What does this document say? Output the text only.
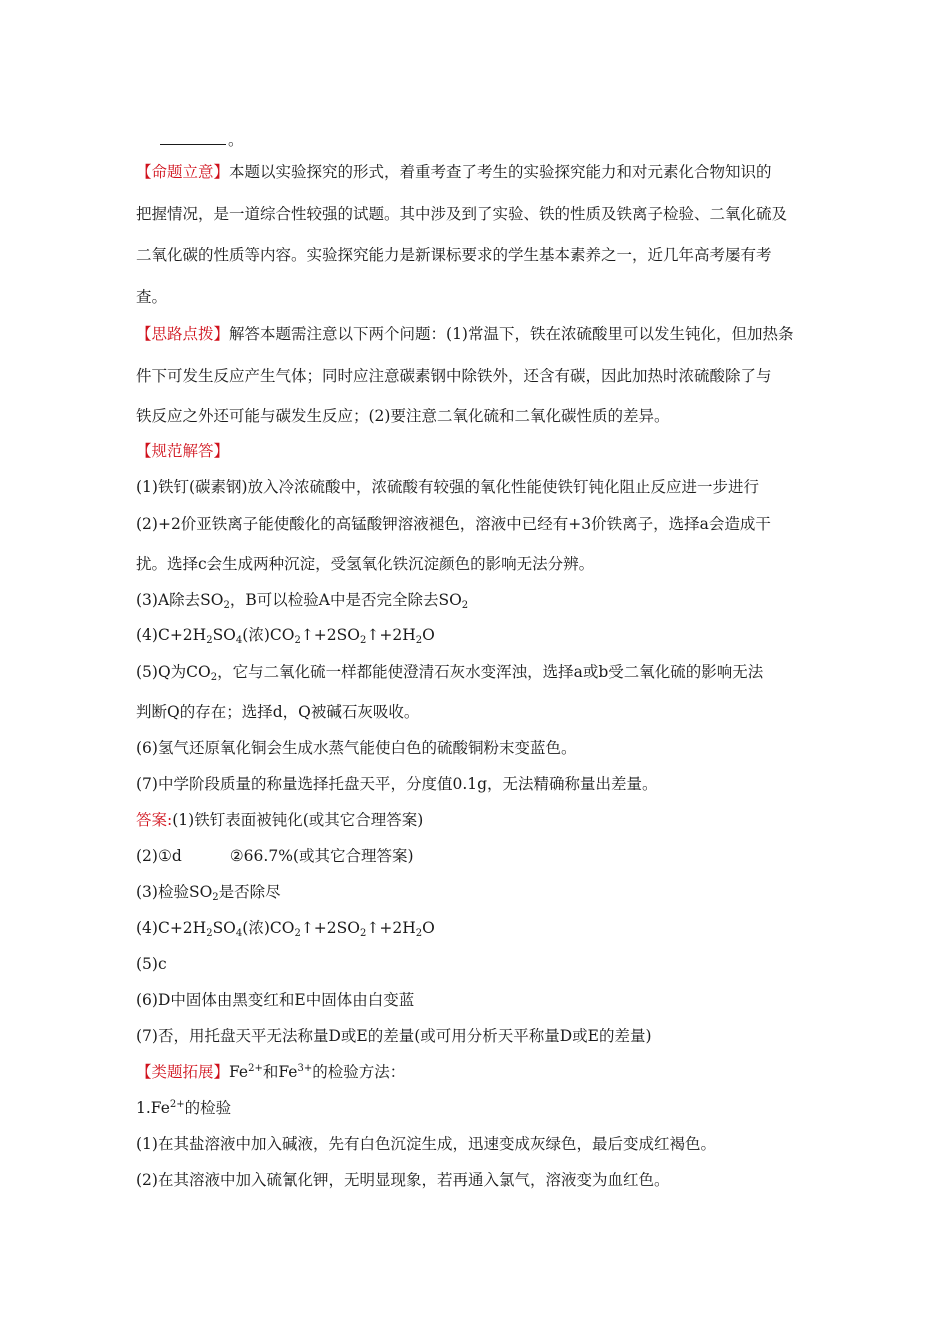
。
【命题立意】本题以实验探究的形式，着重考查了考生的实验探究能力和对元素化合物知识的
把握情况，是一道综合性较强的试题。其中涉及到了实验、铁的性质及铁离子检验、二氧化硫及
二氧化碳的性质等内容。实验探究能力是新课标要求的学生基本素养之一，近几年高考屡有考
查。
【思路点拨】解答本题需注意以下两个问题：(1)常温下，铁在浓硫酸里可以发生钝化，但加热条
件下可发生反应产生气体；同时应注意碳素钢中除铁外，还含有碳，因此加热时浓硫酸除了与
铁反应之外还可能与碳发生反应；(2)要注意二氧化硫和二氧化碳性质的差异。
【规范解答】
(1)铁钉(碳素钢)放入冷浓硫酸中，浓硫酸有较强的氧化性能使铁钉钝化阻止反应进一步进行
(2)+2价亚铁离子能使酸化的高锰酸钾溶液褪色，溶液中已经有+3价铁离子，选择a会造成干
扰。选择c会生成两种沉淀，受氢氧化铁沉淀颜色的影响无法分辨。
(3)A除去$SO_2$，B可以检验A中是否完全除去$SO_2$
$(4)C+2H_2SO_4$(浓)$CO_2↑+2SO_2↑+2H_2O$
(5)Q为$CO_2$，它与二氧化硫一样都能使澄清石灰水变浑浊，选择a或b受二氧化硫的影响无法
判断Q的存在；选择d，Q被碱石灰吸收。
(6)氢气还原氧化铜会生成水蒸气能使白色的硫酸铜粉末变蓝色。
(7)中学阶段质量的称量选择托盘天平，分度值0.1g，无法精确称量出差量。
答案:(1)铁钉表面被钝化(或其它合理答案)
(2)①d	②66.7%(或其它合理答案)
(3)检验$SO_2$是否除尽
$(4)C+2H_2SO_4$(浓)$CO_2↑+2SO_2↑+2H_2O$
(5)c
(6)D中固体由黑变红和E中固体由白变蓝
(7)否，用托盘天平无法称量D或E的差量(或可用分析天平称量D或E的差量)
【类题拓展】$Fe^{2+}$和$Fe^{3+}$的检验方法：
$1.Fe^{2+}$的检验
(1)在其盐溶液中加入碱液，先有白色沉淀生成，迅速变成灰绿色，最后变成红褐色。
(2)在其溶液中加入硫氰化钾，无明显现象，若再通入氯气，溶液变为血红色。
